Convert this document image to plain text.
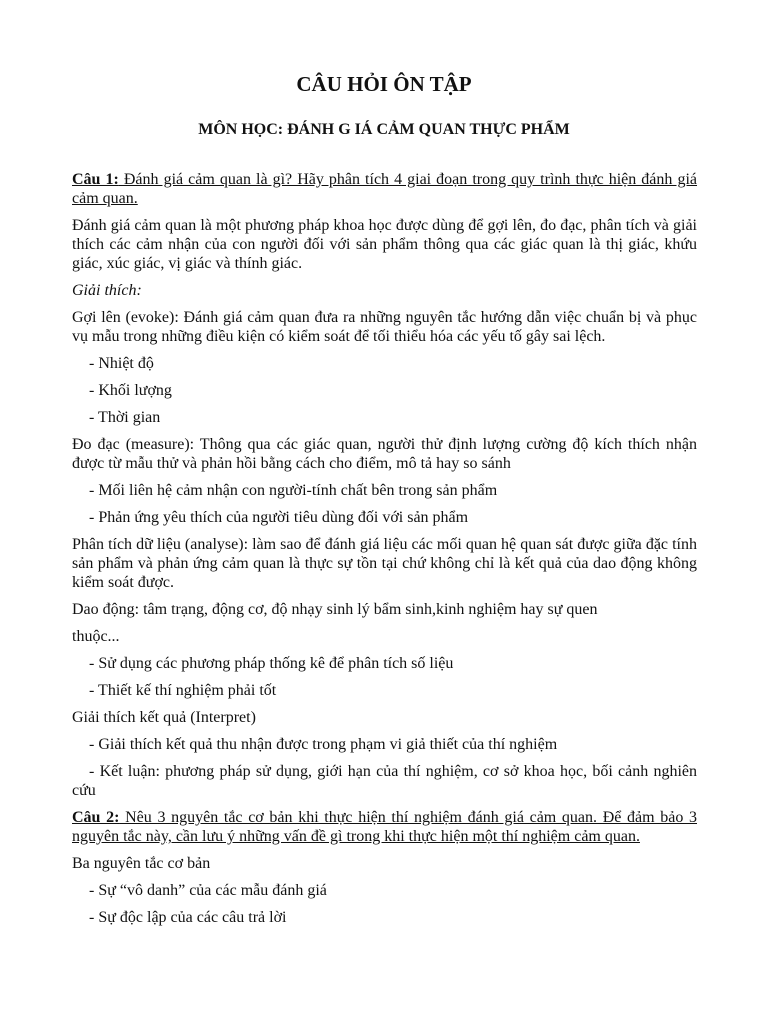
CÂU HỎI ÔN TẬP
MÔN HỌC: ĐÁNH G IÁ CẢM QUAN THỰC PHẨM

Câu 1: Đánh giá cảm quan là gì? Hãy phân tích 4 giai đoạn trong quy trình thực hiện đánh giá cảm quan.

Đánh giá cảm quan là một phương pháp khoa học được dùng để gợi lên, đo đạc, phân tích và giải thích các cảm nhận của con người đối với sản phẩm thông qua các giác quan là thị giác, khứu giác, xúc giác, vị giác và thính giác.

Giải thích:

Gợi lên (evoke): Đánh giá cảm quan đưa ra những nguyên tắc hướng dẫn việc chuẩn bị và phục vụ mẫu trong những điều kiện có kiểm soát để tối thiểu hóa các yếu tố gây sai lệch.

- Nhiệt độ

- Khối lượng

- Thời gian

Đo đạc (measure): Thông qua các giác quan, người thử định lượng cường độ kích thích nhận được từ mẫu thử và phản hồi bằng cách cho điểm, mô tả hay so sánh

- Mối liên hệ cảm nhận con người-tính chất bên trong sản phẩm

- Phản ứng yêu thích của người tiêu dùng đối với sản phẩm

Phân tích dữ liệu (analyse): làm sao để đánh giá liệu các mối quan hệ quan sát được giữa đặc tính sản phẩm và phản ứng cảm quan là thực sự tồn tại chứ không chỉ là kết quả của dao động không kiểm soát được.

Dao động: tâm trạng, động cơ, độ nhạy sinh lý bẩm sinh,kinh nghiệm hay sự quen

thuộc...

- Sử dụng các phương pháp thống kê để phân tích số liệu

- Thiết kế thí nghiệm phải tốt

Giải thích kết quả (Interpret)

- Giải thích kết quả thu nhận được trong phạm vi giả thiết của thí nghiệm

- Kết luận: phương pháp sử dụng, giới hạn của thí nghiệm, cơ sở khoa học, bối cảnh nghiên cứu

Câu 2: Nêu 3 nguyên tắc cơ bản khi thực hiện thí nghiệm đánh giá cảm quan. Để đảm bảo 3 nguyên tắc này, cần lưu ý những vấn đề gì trong khi thực hiện một thí nghiệm cảm quan.

Ba nguyên tắc cơ bản

- Sự “vô danh” của các mẫu đánh giá

- Sự độc lập của các câu trả lời
